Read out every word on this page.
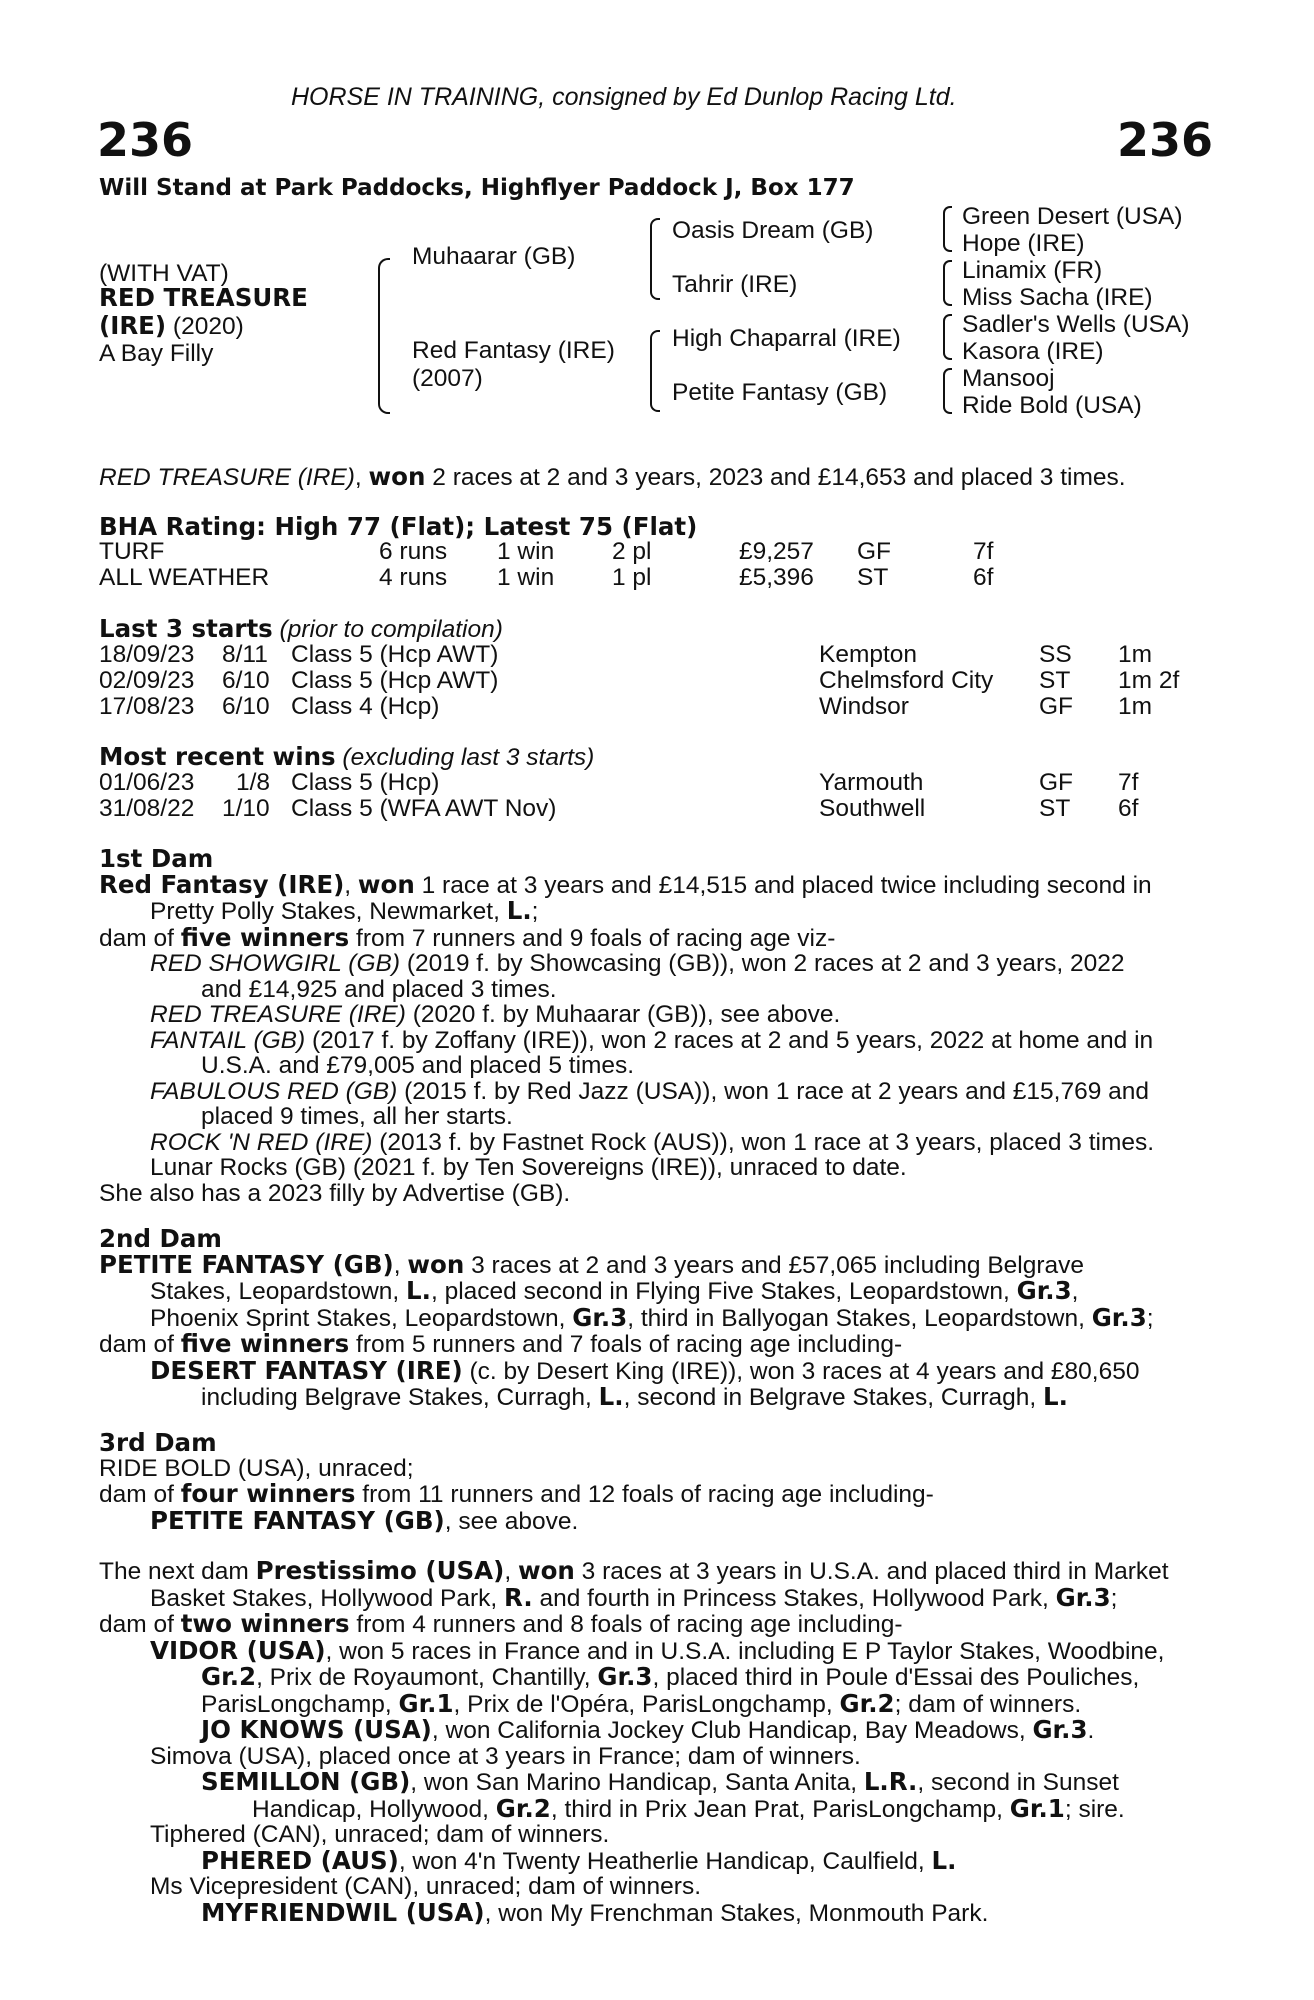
HORSE IN TRAINING, consigned by Ed Dunlop Racing Ltd.
236	236
Will Stand at Park Paddocks, Highflyer Paddock J, Box 177
(WITH VAT)
RED TREASURE
(IRE) (2020)
A Bay Filly
Muhaarar (GB)
Red Fantasy (IRE)
(2007)
Oasis Dream (GB)
Tahrir (IRE)
High Chaparral (IRE)
Petite Fantasy (GB)
Green Desert (USA)
Hope (IRE)
Linamix (FR)
Miss Sacha (IRE)
Sadler's Wells (USA)
Kasora (IRE)
Mansooj
Ride Bold (USA)
RED TREASURE (IRE), won 2 races at 2 and 3 years, 2023 and £14,653 and placed 3 times.
BHA Rating: High 77 (Flat); Latest 75 (Flat)
TURF	6 runs 1 win 2 pl	£9,257 GF	7f
ALL WEATHER	4 runs 1 win 1 pl	£5,396 ST	6f
Last 3 starts (prior to compilation)
18/09/23 8/11 Class 5 (Hcp AWT)	Kempton	SS 1m
02/09/23 6/10 Class 5 (Hcp AWT)	Chelmsford City ST 1m 2f
17/08/23 6/10 Class 4 (Hcp)	Windsor	GF 1m
Most recent wins (excluding last 3 starts)
01/06/23 1/8 Class 5 (Hcp)	Yarmouth	GF 7f
31/08/22 1/10 Class 5 (WFA AWT Nov)	Southwell	ST 6f
1st Dam
Red Fantasy (IRE), won 1 race at 3 years and £14,515 and placed twice including second in
Pretty Polly Stakes, Newmarket, L.;
dam of five winners from 7 runners and 9 foals of racing age viz-
RED SHOWGIRL (GB) (2019 f. by Showcasing (GB)), won 2 races at 2 and 3 years, 2022
and £14,925 and placed 3 times.
RED TREASURE (IRE) (2020 f. by Muhaarar (GB)), see above.
FANTAIL (GB) (2017 f. by Zoffany (IRE)), won 2 races at 2 and 5 years, 2022 at home and in
U.S.A. and £79,005 and placed 5 times.
FABULOUS RED (GB) (2015 f. by Red Jazz (USA)), won 1 race at 2 years and £15,769 and
placed 9 times, all her starts.
ROCK 'N RED (IRE) (2013 f. by Fastnet Rock (AUS)), won 1 race at 3 years, placed 3 times.
Lunar Rocks (GB) (2021 f. by Ten Sovereigns (IRE)), unraced to date.
She also has a 2023 filly by Advertise (GB).
2nd Dam
PETITE FANTASY (GB), won 3 races at 2 and 3 years and £57,065 including Belgrave
Stakes, Leopardstown, L., placed second in Flying Five Stakes, Leopardstown, Gr.3,
Phoenix Sprint Stakes, Leopardstown, Gr.3, third in Ballyogan Stakes, Leopardstown, Gr.3;
dam of five winners from 5 runners and 7 foals of racing age including-
DESERT FANTASY (IRE) (c. by Desert King (IRE)), won 3 races at 4 years and £80,650
including Belgrave Stakes, Curragh, L., second in Belgrave Stakes, Curragh, L.
3rd Dam
RIDE BOLD (USA), unraced;
dam of four winners from 11 runners and 12 foals of racing age including-
PETITE FANTASY (GB), see above.
The next dam Prestissimo (USA), won 3 races at 3 years in U.S.A. and placed third in Market
Basket Stakes, Hollywood Park, R. and fourth in Princess Stakes, Hollywood Park, Gr.3;
dam of two winners from 4 runners and 8 foals of racing age including-
VIDOR (USA), won 5 races in France and in U.S.A. including E P Taylor Stakes, Woodbine,
Gr.2, Prix de Royaumont, Chantilly, Gr.3, placed third in Poule d'Essai des Pouliches,
ParisLongchamp, Gr.1, Prix de l'Opéra, ParisLongchamp, Gr.2; dam of winners.
JO KNOWS (USA), won California Jockey Club Handicap, Bay Meadows, Gr.3.
Simova (USA), placed once at 3 years in France; dam of winners.
SEMILLON (GB), won San Marino Handicap, Santa Anita, L.R., second in Sunset
Handicap, Hollywood, Gr.2, third in Prix Jean Prat, ParisLongchamp, Gr.1; sire.
Tiphered (CAN), unraced; dam of winners.
PHERED (AUS), won 4'n Twenty Heatherlie Handicap, Caulfield, L.
Ms Vicepresident (CAN), unraced; dam of winners.
MYFRIENDWIL (USA), won My Frenchman Stakes, Monmouth Park.
